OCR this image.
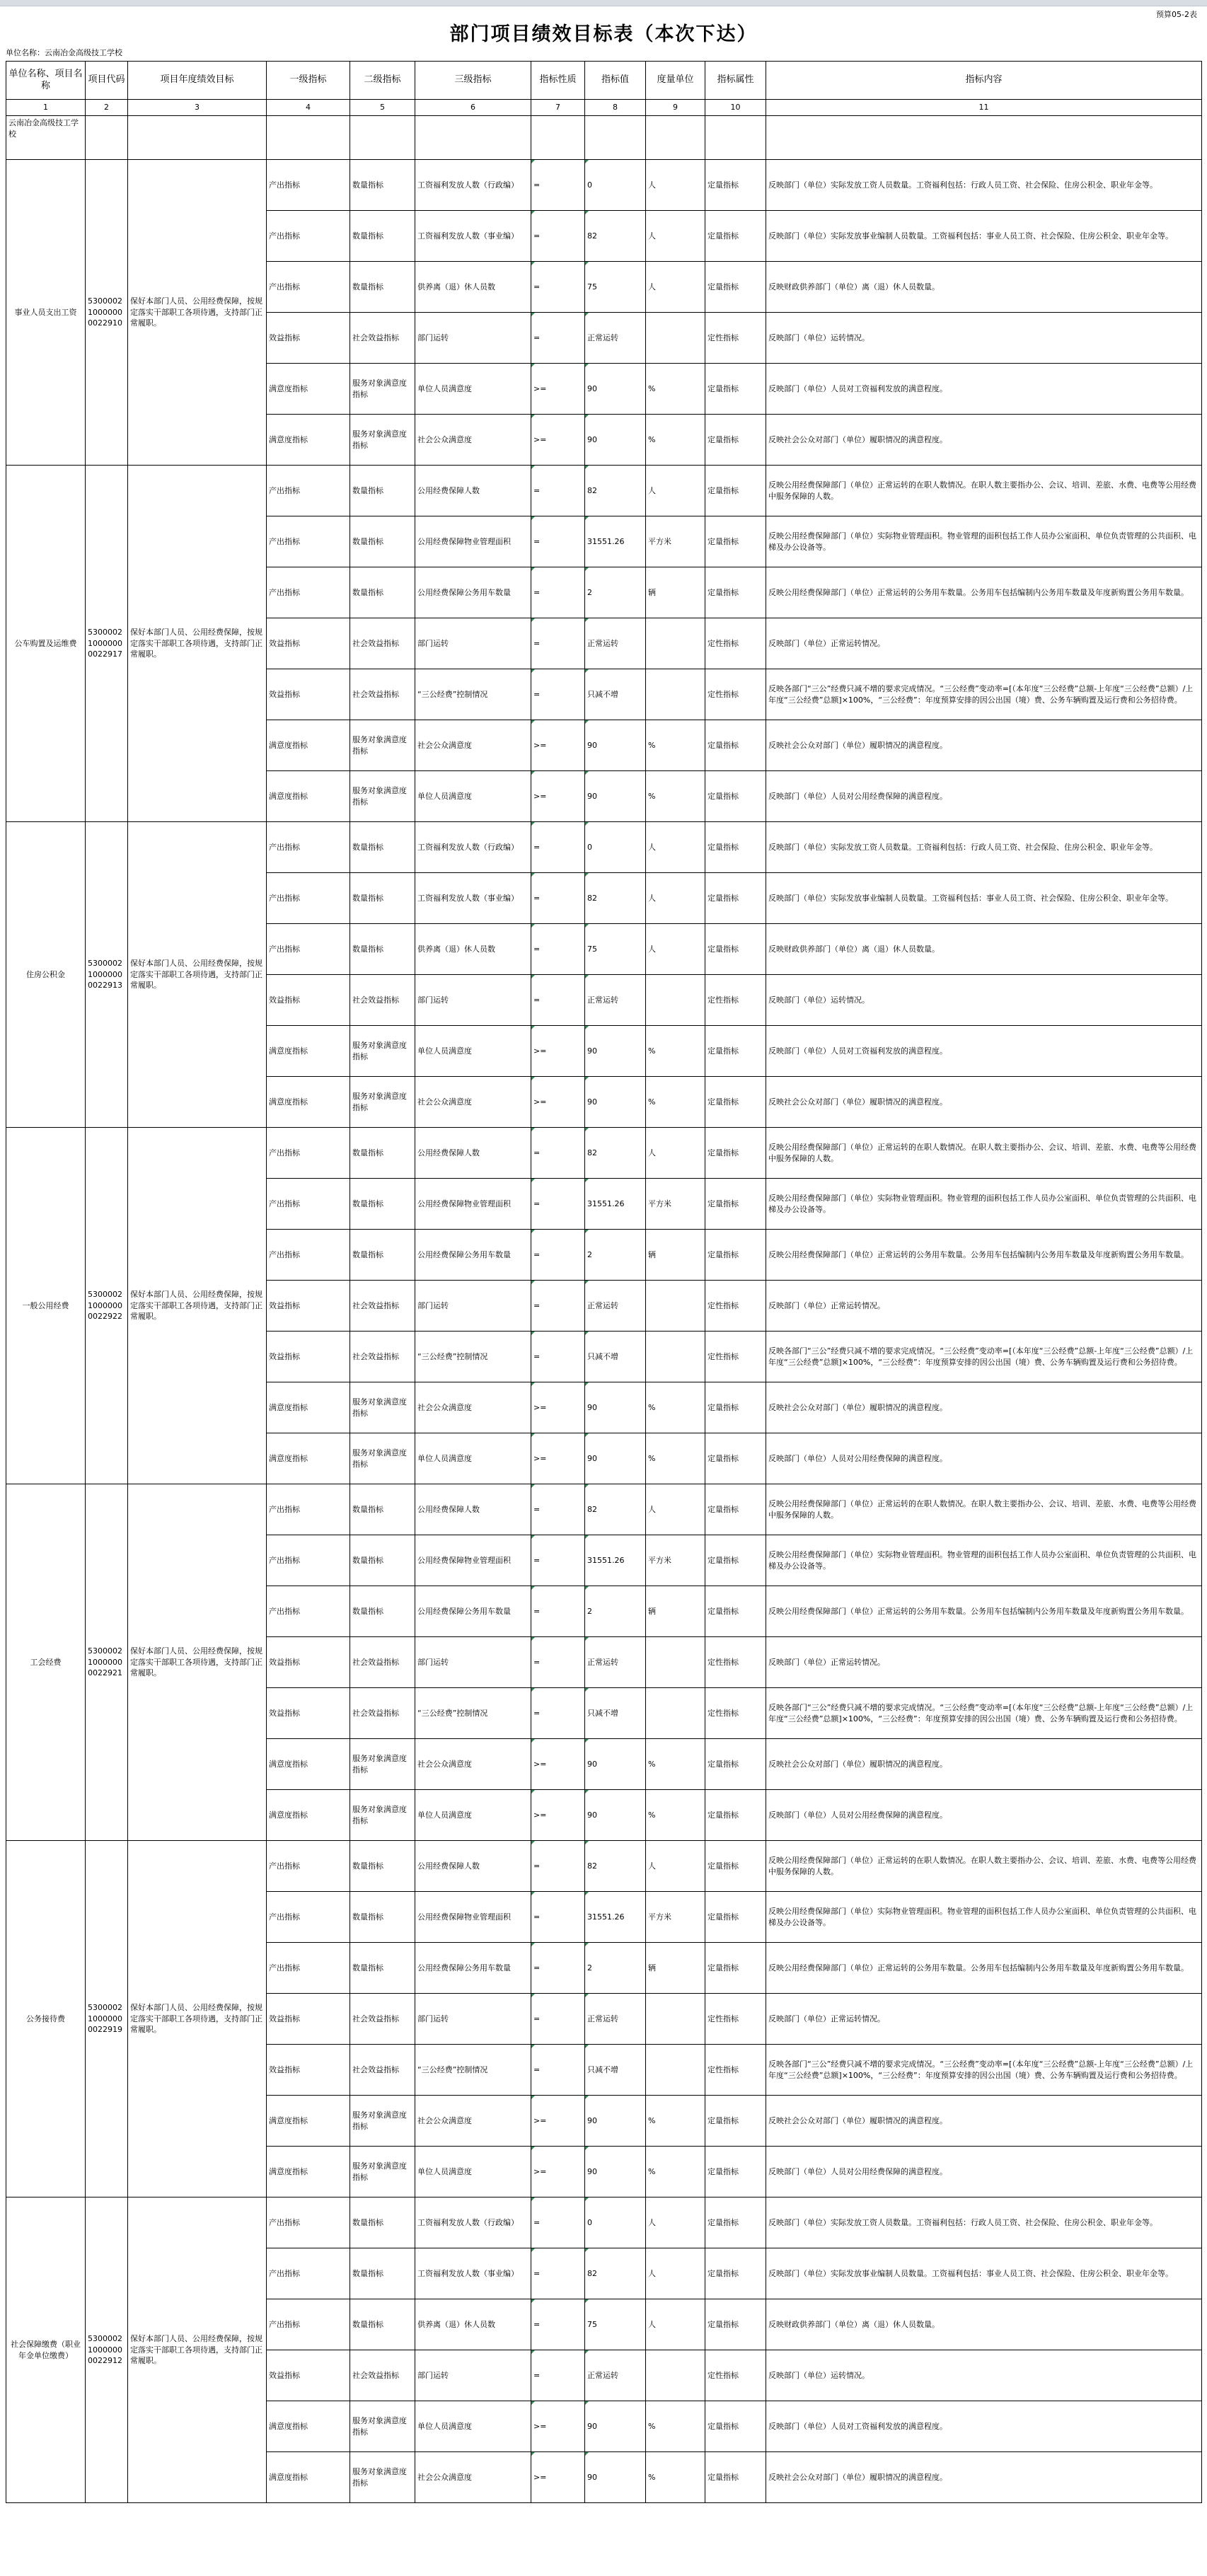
预算05-2表
部门项目绩效目标表（本次下达）
单位名称：云南冶金高级技工学校
单位名称、项目名称	项目代码	项目年度绩效目标	一级指标	二级指标	三级指标	指标性质	指标值	度量单位	指标属性	指标内容
1	2	3	4	5	6	7	8	9	10	11
云南冶金高级技工学校										
事业人员支出工资	530000210000000022910	保好本部门人员、公用经费保障，按规定落实干部职工各项待遇，支持部门正常履职。	产出指标	数量指标	工资福利发放人数（行政编）	=	0	人	定量指标	反映部门（单位）实际发放工资人员数量。工资福利包括：行政人员工资、社会保险、住房公积金、职业年金等。
			产出指标	数量指标	工资福利发放人数（事业编）	=	82	人	定量指标	反映部门（单位）实际发放事业编制人员数量。工资福利包括：事业人员工资、社会保险、住房公积金、职业年金等。
			产出指标	数量指标	供养离（退）休人员数	=	75	人	定量指标	反映财政供养部门（单位）离（退）休人员数量。
			效益指标	社会效益指标	部门运转	=	正常运转		定性指标	反映部门（单位）运转情况。
			满意度指标	服务对象满意度指标	单位人员满意度	>=	90	%	定量指标	反映部门（单位）人员对工资福利发放的满意程度。
			满意度指标	服务对象满意度指标	社会公众满意度	>=	90	%	定量指标	反映社会公众对部门（单位）履职情况的满意程度。
公车购置及运维费	530000210000000022917	保好本部门人员、公用经费保障，按规定落实干部职工各项待遇，支持部门正常履职。	产出指标	数量指标	公用经费保障人数	=	82	人	定量指标	反映公用经费保障部门（单位）正常运转的在职人数情况。在职人数主要指办公、会议、培训、差旅、水费、电费等公用经费中服务保障的人数。
			产出指标	数量指标	公用经费保障物业管理面积	=	31551.26	平方米	定量指标	反映公用经费保障部门（单位）实际物业管理面积。物业管理的面积包括工作人员办公室面积、单位负责管理的公共面积、电梯及办公设备等。
			产出指标	数量指标	公用经费保障公务用车数量	=	2	辆	定量指标	反映公用经费保障部门（单位）正常运转的公务用车数量。公务用车包括编制内公务用车数量及年度新购置公务用车数量。
			效益指标	社会效益指标	部门运转	=	正常运转		定性指标	反映部门（单位）正常运转情况。
			效益指标	社会效益指标	“三公经费”控制情况	=	只减不增		定性指标	反映各部门“三公”经费只减不增的要求完成情况。“三公经费”变动率=[（本年度“三公经费”总额-上年度“三公经费”总额）/上年度“三公经费”总额]×100%，“三公经费”：年度预算安排的因公出国（境）费、公务车辆购置及运行费和公务招待费。
			满意度指标	服务对象满意度指标	社会公众满意度	>=	90	%	定量指标	反映社会公众对部门（单位）履职情况的满意程度。
			满意度指标	服务对象满意度指标	单位人员满意度	>=	90	%	定量指标	反映部门（单位）人员对公用经费保障的满意程度。
住房公积金	530000210000000022913	保好本部门人员、公用经费保障，按规定落实干部职工各项待遇，支持部门正常履职。	产出指标	数量指标	工资福利发放人数（行政编）	=	0	人	定量指标	反映部门（单位）实际发放工资人员数量。工资福利包括：行政人员工资、社会保险、住房公积金、职业年金等。
			产出指标	数量指标	工资福利发放人数（事业编）	=	82	人	定量指标	反映部门（单位）实际发放事业编制人员数量。工资福利包括：事业人员工资、社会保险、住房公积金、职业年金等。
			产出指标	数量指标	供养离（退）休人员数	=	75	人	定量指标	反映财政供养部门（单位）离（退）休人员数量。
			效益指标	社会效益指标	部门运转	=	正常运转		定性指标	反映部门（单位）运转情况。
			满意度指标	服务对象满意度指标	单位人员满意度	>=	90	%	定量指标	反映部门（单位）人员对工资福利发放的满意程度。
			满意度指标	服务对象满意度指标	社会公众满意度	>=	90	%	定量指标	反映社会公众对部门（单位）履职情况的满意程度。
一般公用经费	530000210000000022922	保好本部门人员、公用经费保障，按规定落实干部职工各项待遇，支持部门正常履职。	产出指标	数量指标	公用经费保障人数	=	82	人	定量指标	反映公用经费保障部门（单位）正常运转的在职人数情况。在职人数主要指办公、会议、培训、差旅、水费、电费等公用经费中服务保障的人数。
			产出指标	数量指标	公用经费保障物业管理面积	=	31551.26	平方米	定量指标	反映公用经费保障部门（单位）实际物业管理面积。物业管理的面积包括工作人员办公室面积、单位负责管理的公共面积、电梯及办公设备等。
			产出指标	数量指标	公用经费保障公务用车数量	=	2	辆	定量指标	反映公用经费保障部门（单位）正常运转的公务用车数量。公务用车包括编制内公务用车数量及年度新购置公务用车数量。
			效益指标	社会效益指标	部门运转	=	正常运转		定性指标	反映部门（单位）正常运转情况。
			效益指标	社会效益指标	“三公经费”控制情况	=	只减不增		定性指标	反映各部门“三公”经费只减不增的要求完成情况。“三公经费”变动率=[（本年度“三公经费”总额-上年度“三公经费”总额）/上年度“三公经费”总额]×100%，“三公经费”：年度预算安排的因公出国（境）费、公务车辆购置及运行费和公务招待费。
			满意度指标	服务对象满意度指标	社会公众满意度	>=	90	%	定量指标	反映社会公众对部门（单位）履职情况的满意程度。
			满意度指标	服务对象满意度指标	单位人员满意度	>=	90	%	定量指标	反映部门（单位）人员对公用经费保障的满意程度。
工会经费	530000210000000022921	保好本部门人员、公用经费保障，按规定落实干部职工各项待遇，支持部门正常履职。	产出指标	数量指标	公用经费保障人数	=	82	人	定量指标	反映公用经费保障部门（单位）正常运转的在职人数情况。在职人数主要指办公、会议、培训、差旅、水费、电费等公用经费中服务保障的人数。
			产出指标	数量指标	公用经费保障物业管理面积	=	31551.26	平方米	定量指标	反映公用经费保障部门（单位）实际物业管理面积。物业管理的面积包括工作人员办公室面积、单位负责管理的公共面积、电梯及办公设备等。
			产出指标	数量指标	公用经费保障公务用车数量	=	2	辆	定量指标	反映公用经费保障部门（单位）正常运转的公务用车数量。公务用车包括编制内公务用车数量及年度新购置公务用车数量。
			效益指标	社会效益指标	部门运转	=	正常运转		定性指标	反映部门（单位）正常运转情况。
			效益指标	社会效益指标	“三公经费”控制情况	=	只减不增		定性指标	反映各部门“三公”经费只减不增的要求完成情况。“三公经费”变动率=[（本年度“三公经费”总额-上年度“三公经费”总额）/上年度“三公经费”总额]×100%，“三公经费”：年度预算安排的因公出国（境）费、公务车辆购置及运行费和公务招待费。
			满意度指标	服务对象满意度指标	社会公众满意度	>=	90	%	定量指标	反映社会公众对部门（单位）履职情况的满意程度。
			满意度指标	服务对象满意度指标	单位人员满意度	>=	90	%	定量指标	反映部门（单位）人员对公用经费保障的满意程度。
公务接待费	530000210000000022919	保好本部门人员、公用经费保障，按规定落实干部职工各项待遇，支持部门正常履职。	产出指标	数量指标	公用经费保障人数	=	82	人	定量指标	反映公用经费保障部门（单位）正常运转的在职人数情况。在职人数主要指办公、会议、培训、差旅、水费、电费等公用经费中服务保障的人数。
			产出指标	数量指标	公用经费保障物业管理面积	=	31551.26	平方米	定量指标	反映公用经费保障部门（单位）实际物业管理面积。物业管理的面积包括工作人员办公室面积、单位负责管理的公共面积、电梯及办公设备等。
			产出指标	数量指标	公用经费保障公务用车数量	=	2	辆	定量指标	反映公用经费保障部门（单位）正常运转的公务用车数量。公务用车包括编制内公务用车数量及年度新购置公务用车数量。
			效益指标	社会效益指标	部门运转	=	正常运转		定性指标	反映部门（单位）正常运转情况。
			效益指标	社会效益指标	“三公经费”控制情况	=	只减不增		定性指标	反映各部门“三公”经费只减不增的要求完成情况。“三公经费”变动率=[（本年度“三公经费”总额-上年度“三公经费”总额）/上年度“三公经费”总额]×100%，“三公经费”：年度预算安排的因公出国（境）费、公务车辆购置及运行费和公务招待费。
			满意度指标	服务对象满意度指标	社会公众满意度	>=	90	%	定量指标	反映社会公众对部门（单位）履职情况的满意程度。
			满意度指标	服务对象满意度指标	单位人员满意度	>=	90	%	定量指标	反映部门（单位）人员对公用经费保障的满意程度。
社会保障缴费（职业年金单位缴费）	530000210000000022912	保好本部门人员、公用经费保障，按规定落实干部职工各项待遇，支持部门正常履职。	产出指标	数量指标	工资福利发放人数（行政编）	=	0	人	定量指标	反映部门（单位）实际发放工资人员数量。工资福利包括：行政人员工资、社会保险、住房公积金、职业年金等。
			产出指标	数量指标	工资福利发放人数（事业编）	=	82	人	定量指标	反映部门（单位）实际发放事业编制人员数量。工资福利包括：事业人员工资、社会保险、住房公积金、职业年金等。
			产出指标	数量指标	供养离（退）休人员数	=	75	人	定量指标	反映财政供养部门（单位）离（退）休人员数量。
			效益指标	社会效益指标	部门运转	=	正常运转		定性指标	反映部门（单位）运转情况。
			满意度指标	服务对象满意度指标	单位人员满意度	>=	90	%	定量指标	反映部门（单位）人员对工资福利发放的满意程度。
			满意度指标	服务对象满意度指标	社会公众满意度	>=	90	%	定量指标	反映社会公众对部门（单位）履职情况的满意程度。
